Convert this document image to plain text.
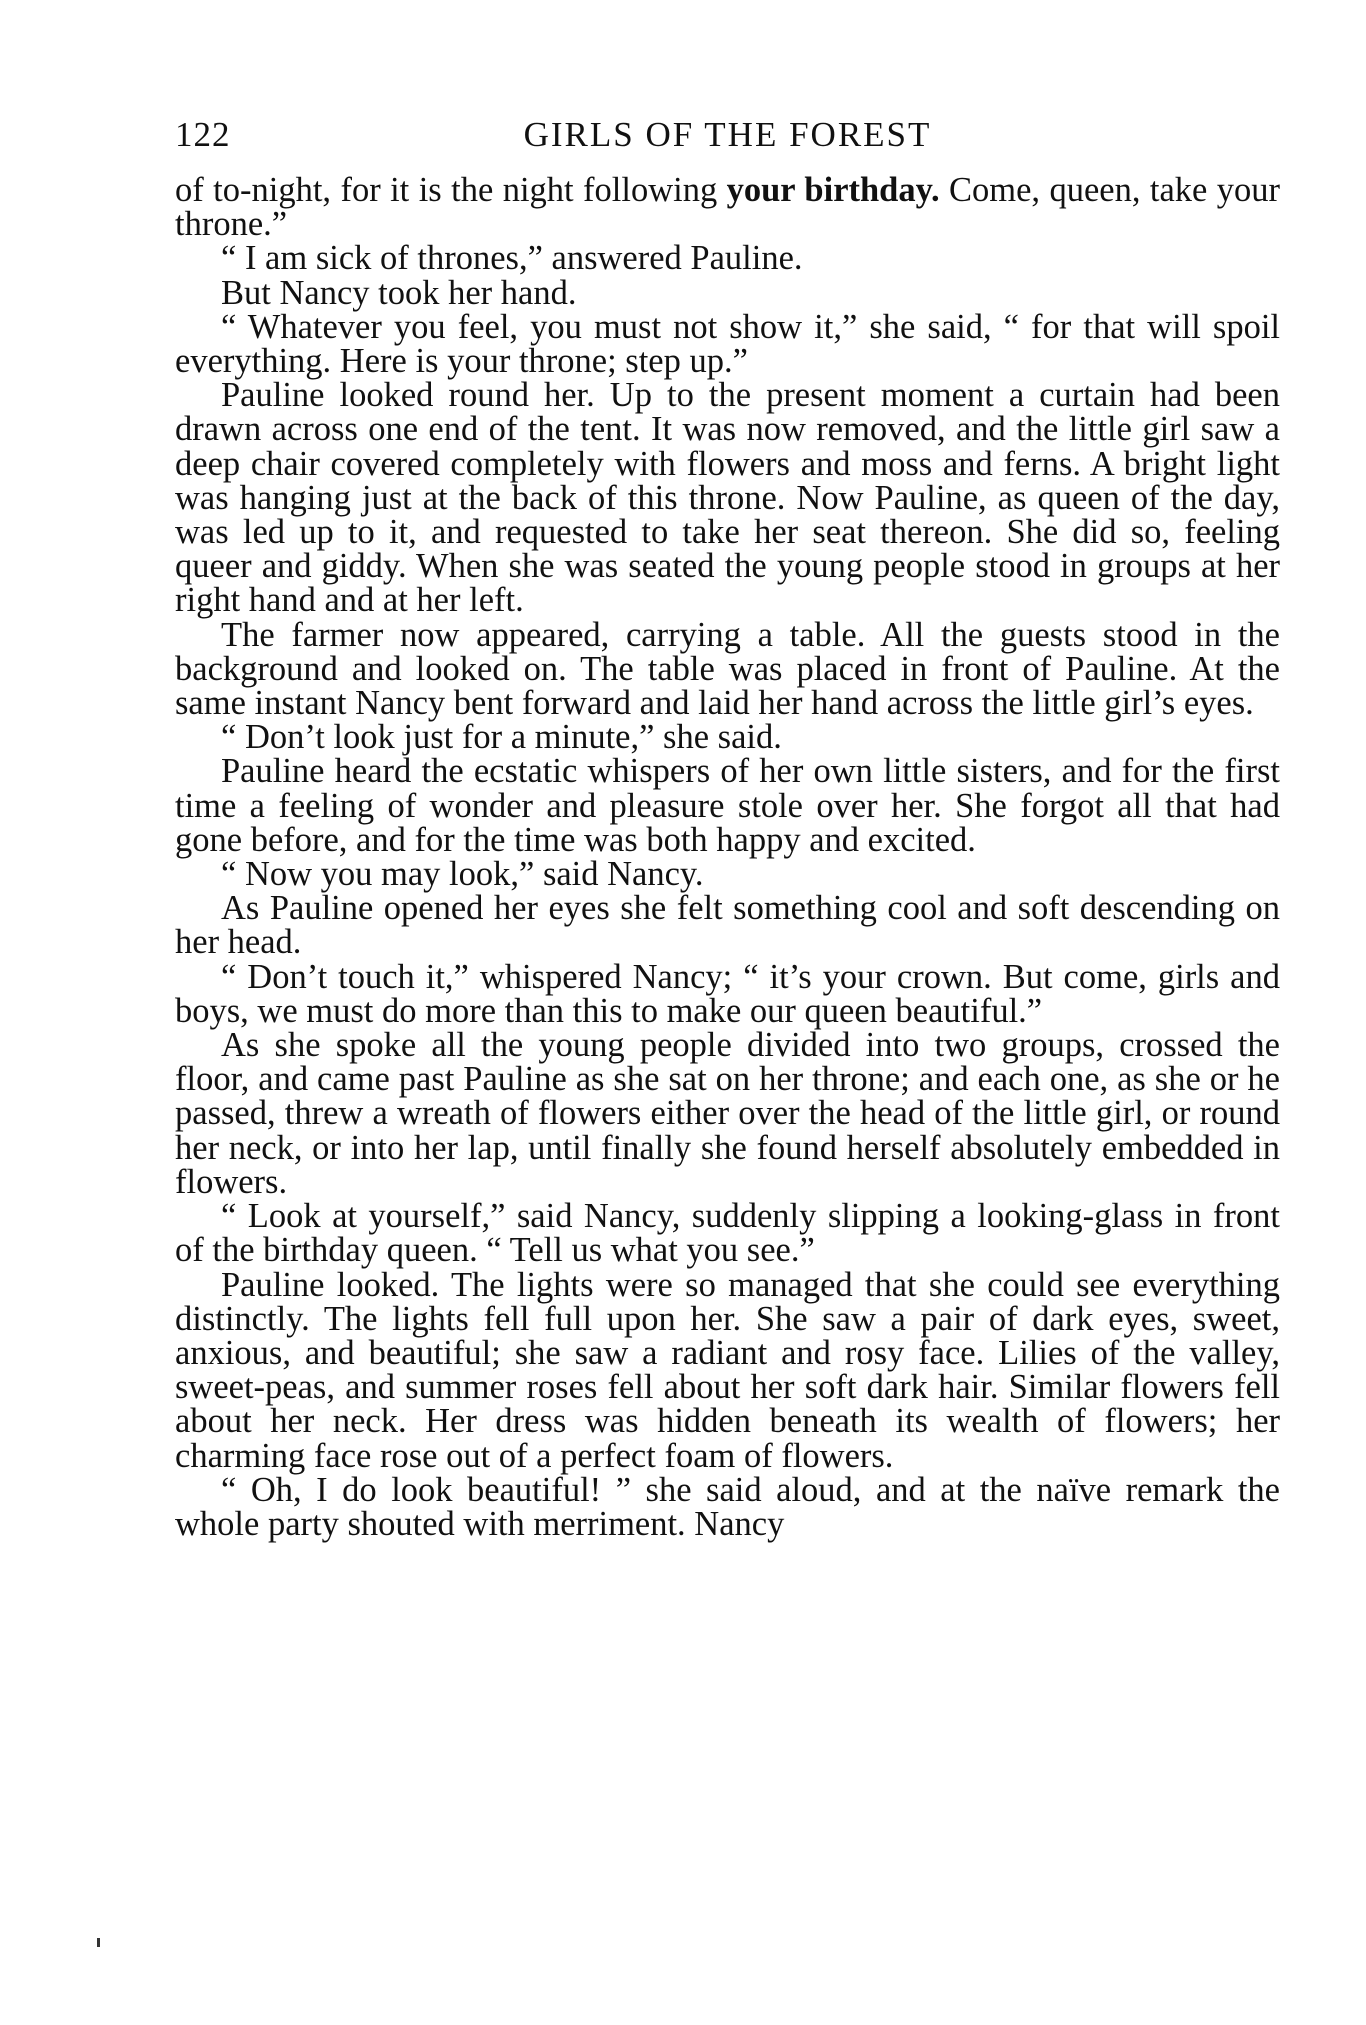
122	GIRLS OF THE FOREST

of to-night, for it is the night following your birthday. Come, queen, take your throne.”

“ I am sick of thrones,” answered Pauline.

But Nancy took her hand.

“ Whatever you feel, you must not show it,” she said, “ for that will spoil everything. Here is your throne; step up.”

Pauline looked round her. Up to the present moment a curtain had been drawn across one end of the tent. It was now removed, and the little girl saw a deep chair covered completely with flowers and moss and ferns. A bright light was hanging just at the back of this throne. Now Pauline, as queen of the day, was led up to it, and requested to take her seat thereon. She did so, feeling queer and giddy. When she was seated the young people stood in groups at her right hand and at her left.

The farmer now appeared, carrying a table. All the guests stood in the background and looked on. The table was placed in front of Pauline. At the same instant Nancy bent forward and laid her hand across the little girl’s eyes.

“ Don’t look just for a minute,” she said.

Pauline heard the ecstatic whispers of her own little sisters, and for the first time a feeling of wonder and pleasure stole over her. She forgot all that had gone before, and for the time was both happy and excited.

“ Now you may look,” said Nancy.

As Pauline opened her eyes she felt something cool and soft descending on her head.

“ Don’t touch it,” whispered Nancy; “ it’s your crown. But come, girls and boys, we must do more than this to make our queen beautiful.”

As she spoke all the young people divided into two groups, crossed the floor, and came past Pauline as she sat on her throne; and each one, as she or he passed, threw a wreath of flowers either over the head of the little girl, or round her neck, or into her lap, until finally she found herself absolutely embedded in flowers.

“ Look at yourself,” said Nancy, suddenly slipping a looking-glass in front of the birthday queen. “ Tell us what you see.”

Pauline looked. The lights were so managed that she could see everything distinctly. The lights fell full upon her. She saw a pair of dark eyes, sweet, anxious, and beautiful; she saw a radiant and rosy face. Lilies of the valley, sweet-peas, and summer roses fell about her soft dark hair. Similar flowers fell about her neck. Her dress was hidden beneath its wealth of flowers; her charming face rose out of a perfect foam of flowers.

“ Oh, I do look beautiful! ” she said aloud, and at the naïve remark the whole party shouted with merriment. Nancy
